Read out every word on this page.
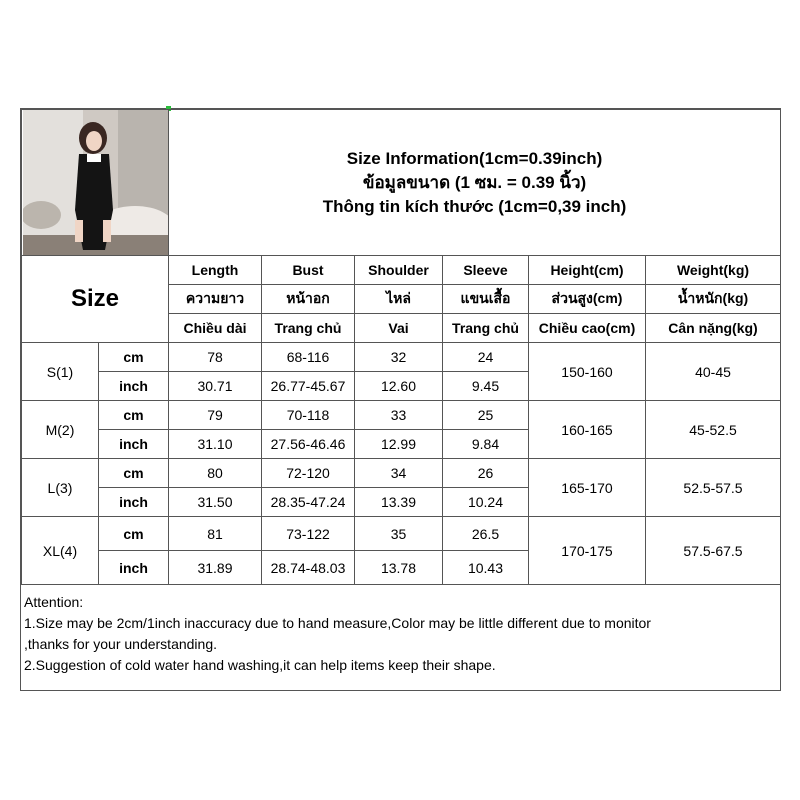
Size Information(1cm=0.39inch)
ข้อมูลขนาด (1 ซม. = 0.39 นิ้ว)
Thông tin kích thước (1cm=0,39 inch)					

Size		Length	Bust	Shoulder	Sleeve	Height(cm)	Weight(kg)
		ความยาว	หน้าอก	ไหล่	แขนเสื้อ	ส่วนสูง(cm)	น้ำหนัก(kg)
		Chiều dài	Trang chủ	Vai	Trang chủ	Chiều cao(cm)	Cân nặng(kg)
S(1)	cm	78	68-116	32	24	150-160	40-45
	inch	30.71	26.77-45.67	12.60	9.45		
M(2)	cm	79	70-118	33	25	160-165	45-52.5
	inch	31.10	27.56-46.46	12.99	9.84		
L(3)	cm	80	72-120	34	26	165-170	52.5-57.5
	inch	31.50	28.35-47.24	13.39	10.24		
XL(4)	cm	81	73-122	35	26.5	170-175	57.5-67.5
	inch	31.89	28.74-48.03	13.78	10.43		
Attention:
1.Size may be 2cm/1inch inaccuracy due to hand measure,Color may be little different due to monitor
,thanks for your understanding.
2.Suggestion of cold water hand washing,it can help items keep their shape.
